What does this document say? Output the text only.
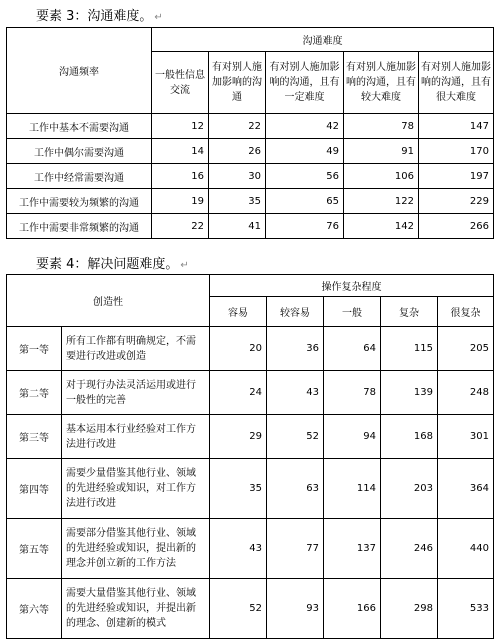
要素 3：沟通难度。 ↵
沟通频率	沟通难度				
	一般性信息交流	有对别人施加影响的沟通	有对别人施加影响的沟通，且有一定难度	有对别人施加影响的沟通，且有较大难度	有对别人施加影响的沟通，且有很大难度
工作中基本不需要沟通	12	22	42	78	147
工作中偶尔需要沟通	14	26	49	91	170
工作中经常需要沟通	16	30	56	106	197
工作中需要较为频繁的沟通	19	35	65	122	229
工作中需要非常频繁的沟通	22	41	76	142	266
要素 4：解决问题难度。 ↵
创造性		操作复杂程度				
		容易	较容易	一般	复杂	很复杂
第一等	所有工作都有明确规定，不需要进行改进或创造	20	36	64	115	205
第二等	对于现行办法灵活运用或进行一般性的完善	24	43	78	139	248
第三等	基本运用本行业经验对工作方法进行改进	29	52	94	168	301
第四等	需要少量借鉴其他行业、领域的先进经验或知识，对工作方法进行改进	35	63	114	203	364
第五等	需要部分借鉴其他行业、领域的先进经验或知识，提出新的理念并创立新的工作方法	43	77	137	246	440
第六等	需要大量借鉴其他行业、领域的先进经验或知识，并提出新的理念、创建新的模式	52	93	166	298	533
